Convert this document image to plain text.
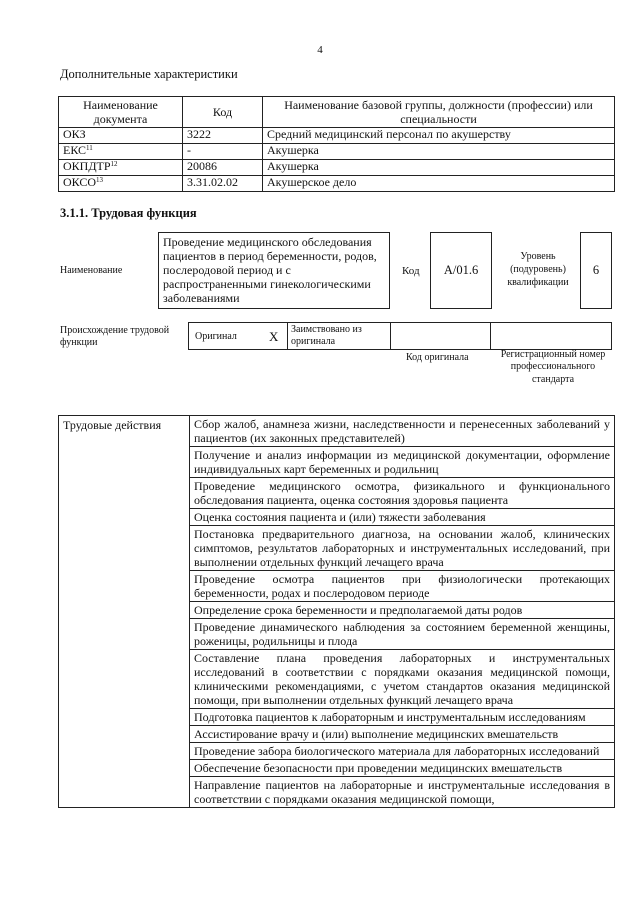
4
Дополнительные характеристики
Наименование документа	Код	Наименование базовой группы, должности (профессии) или специальности
ОКЗ	3222	Средний медицинский персонал по акушерству
ЕКС$^{11}$	-	Акушерка
ОКПДТР$^{12}$	20086	Акушерка
ОКСО$^{13}$	3.31.02.02	Акушерское дело
3.1.1. Трудовая функция
Наименование
Проведение медицинского обследования пациентов в период беременности, родов, послеродовой период и с распространенными гинекологическими заболеваниями
Код	А/01.6
Уровень (подуровень) квалификации
6
Происхождение трудовой
функции
Оригинал X	Заимствовано из оригинала
Код оригинала	Регистрационный номер профессионального стандарта
Трудовые действия	Сбор жалоб, анамнеза жизни, наследственности и перенесенных заболеваний у пациентов (их законных представителей)
Получение и анализ информации из медицинской документации, оформление индивидуальных карт беременных и родильниц
Проведение медицинского осмотра, физикального и функционального обследования пациента, оценка состояния здоровья пациента
Оценка состояния пациента и (или) тяжести заболевания
Постановка предварительного диагноза, на основании жалоб, клинических симптомов, результатов лабораторных и инструментальных исследований, при выполнении отдельных функций лечащего врача
Проведение осмотра пациентов при физиологически протекающих беременности, родах и послеродовом периоде
Определение срока беременности и предполагаемой даты родов
Проведение динамического наблюдения за состоянием беременной женщины, роженицы, родильницы и плода
Составление плана проведения лабораторных и инструментальных исследований в соответствии с порядками оказания медицинской помощи, клиническими рекомендациями, с учетом стандартов оказания медицинской помощи, при выполнении отдельных функций лечащего врача
Подготовка пациентов к лабораторным и инструментальным исследованиям
Ассистирование врачу и (или) выполнение медицинских вмешательств
Проведение забора биологического материала для лабораторных исследований
Обеспечение безопасности при проведении медицинских вмешательств
Направление пациентов на лабораторные и инструментальные исследования в соответствии с порядками оказания медицинской помощи,
